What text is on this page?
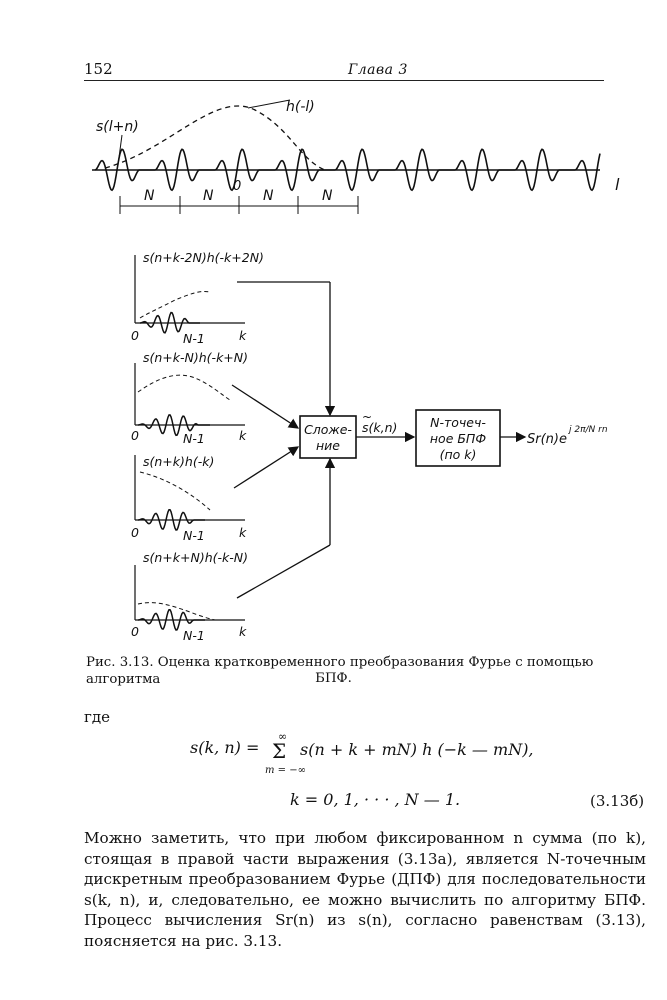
152	Глава 3
s(l+n)
h(-l)
l
N	N	N	N
0
s(n+k-2N)h(-k+2N)
0	N-1	k
s(n+k-N)h(-k+N)
0	N-1	k
s(n+k)h(-k)
0	N-1	k
s(n+k+N)h(-k-N)
0	N-1	k
Сложе-
ние
s(k,n)
~	N-точеч-
ное БПФ
(по k)
Sr(n)e
j 2π/N rn
Рис. 3.13. Оценка кратковременного преобразования Фурье с помощью алгоритма	БПФ.
где
s(k, n) =
∞
Σ
m = −∞
s(n + k + mN) h (−k — mN),
k = 0, 1, · · · , N — 1.	(3.13б)
Можно заметить, что при любом фиксированном n сумма (по k), стоящая в правой части выражения (3.13а), является N-точечным дискретным преобразованием Фурье (ДПФ) для последовательности s(k, n), и, следовательно, ее можно вычислить по алгоритму БПФ. Процесс вычисления Sr(n) из s(n), согласно равенствам (3.13), поясняется на рис. 3.13.
